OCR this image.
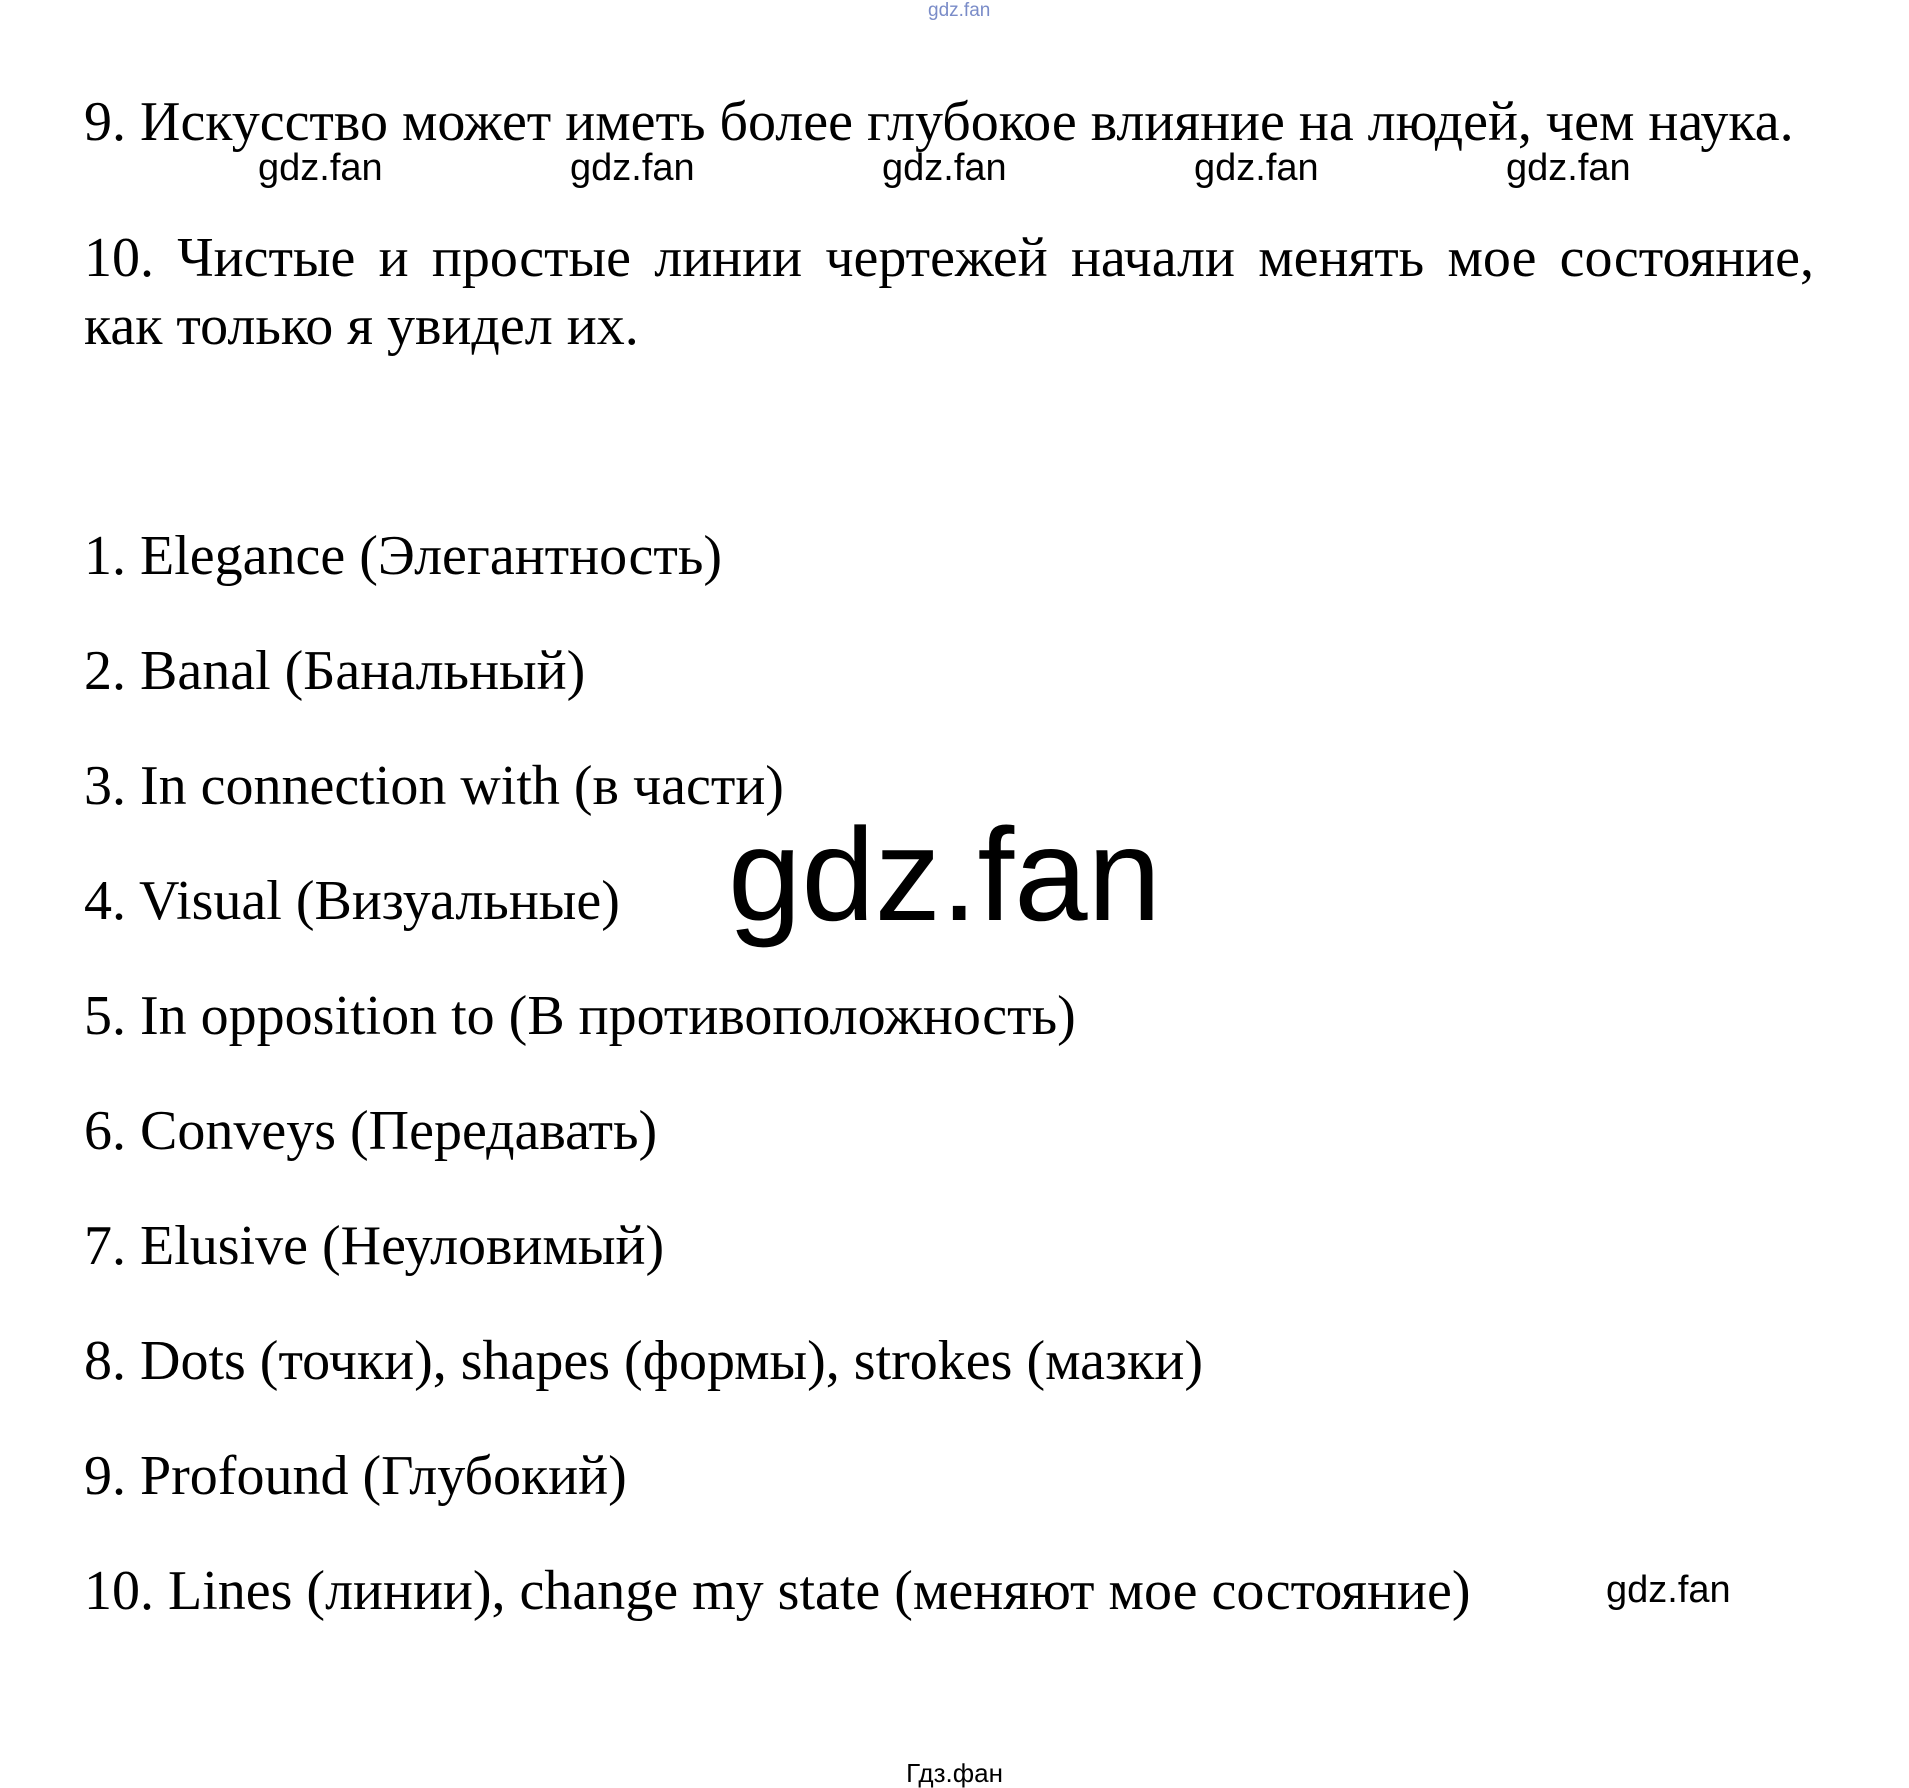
gdz.fan

9. Искусство может иметь более глубокое влияние на людей, чем наука.

gdz.fan	gdz.fan	gdz.fan	gdz.fan	gdz.fan

10. Чистые и простые линии чертежей начали менять мое состояние, как только я увидел их.

1. Elegance (Элегантность)
2. Banal (Банальный)
3. In connection with (в части)
4. Visual (Визуальные)
5. In opposition to (В противоположность)
6. Conveys (Передавать)
7. Elusive (Неуловимый)
8. Dots (точки), shapes (формы), strokes (мазки)
9. Profound (Глубокий)
10. Lines (линии), change my state (меняют мое состояние)
gdz.fan
gdz.fan
Гдз.фан
